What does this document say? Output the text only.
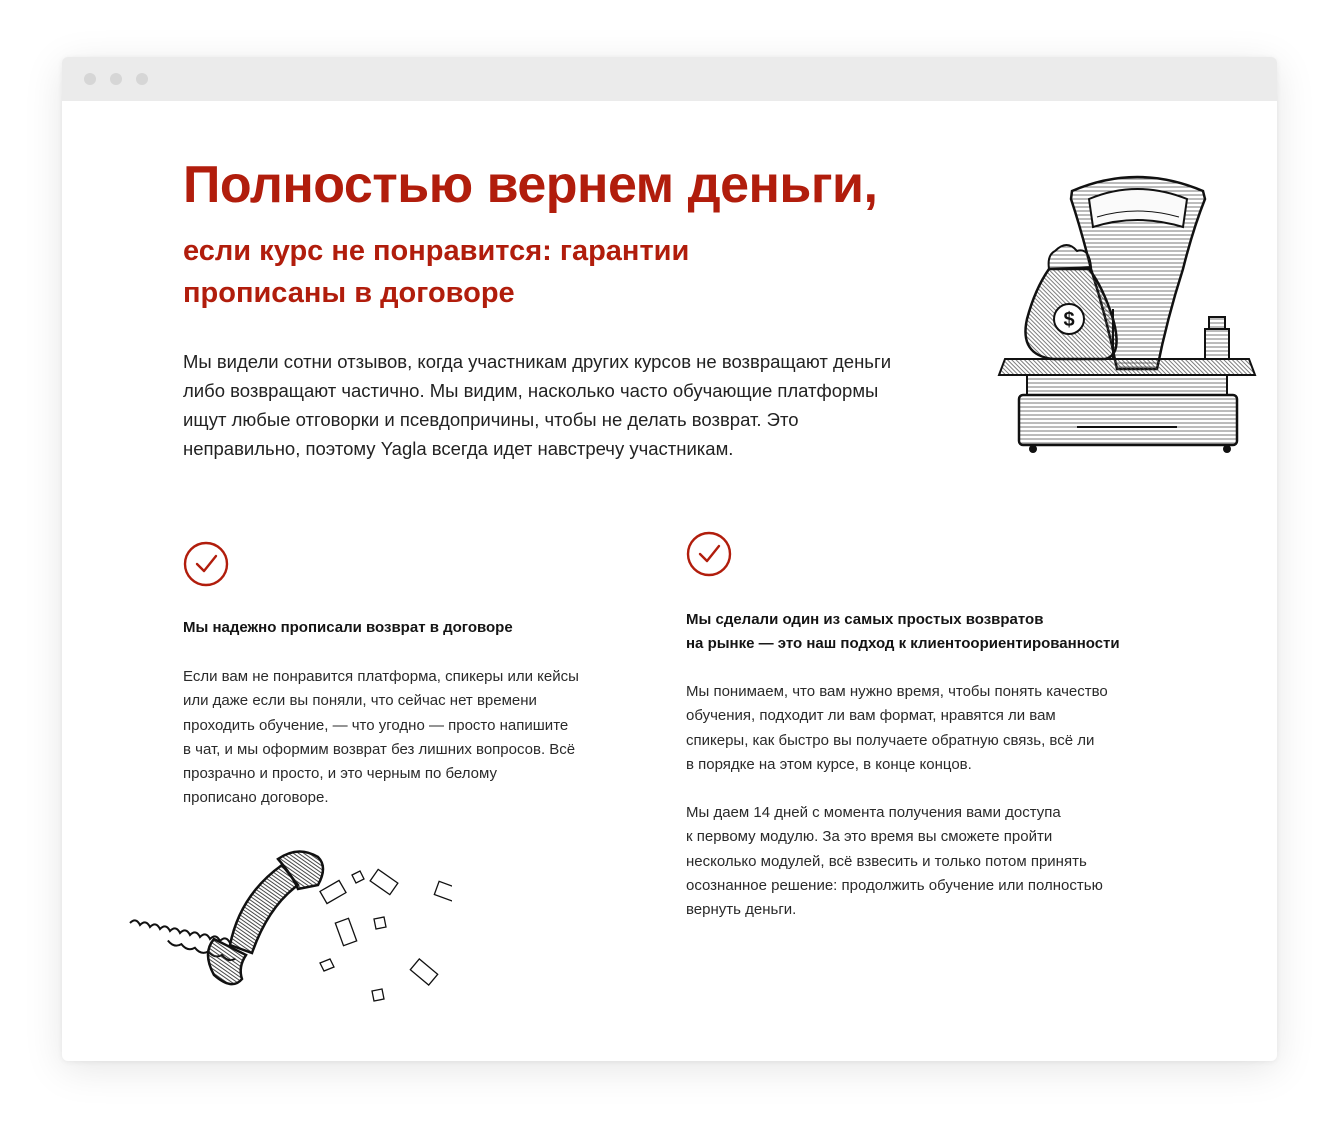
Полностью вернем деньги,
если курс не понравится: гарантии прописаны в договоре

Мы видели сотни отзывов, когда участникам других курсов не возвращают деньги либо возвращают частично. Мы видим, насколько часто обучающие платформы ищут любые отговорки и псевдопричины, чтобы не делать возврат. Это неправильно, поэтому Yagla всегда идет навстречу участникам.

$
Мы надежно прописали возврат в договоре

Если вам не понравится платформа, спикеры или кейсы
или даже если вы поняли, что сейчас нет времени
проходить обучение, — что угодно — просто напишите
в чат, и мы оформим возврат без лишних вопросов. Всё
прозрачно и просто, и это черным по белому
прописано договоре.

Мы сделали один из самых простых возвратов
на рынке — это наш подход к клиентоориентированности

Мы понимаем, что вам нужно время, чтобы понять качество
обучения, подходит ли вам формат, нравятся ли вам
спикеры, как быстро вы получаете обратную связь, всё ли
в порядке на этом курсе, в конце концов.

Мы даем 14 дней с момента получения вами доступа
к первому модулю. За это время вы сможете пройти
несколько модулей, всё взвесить и только потом принять
осознанное решение: продолжить обучение или полностью
вернуть деньги.
